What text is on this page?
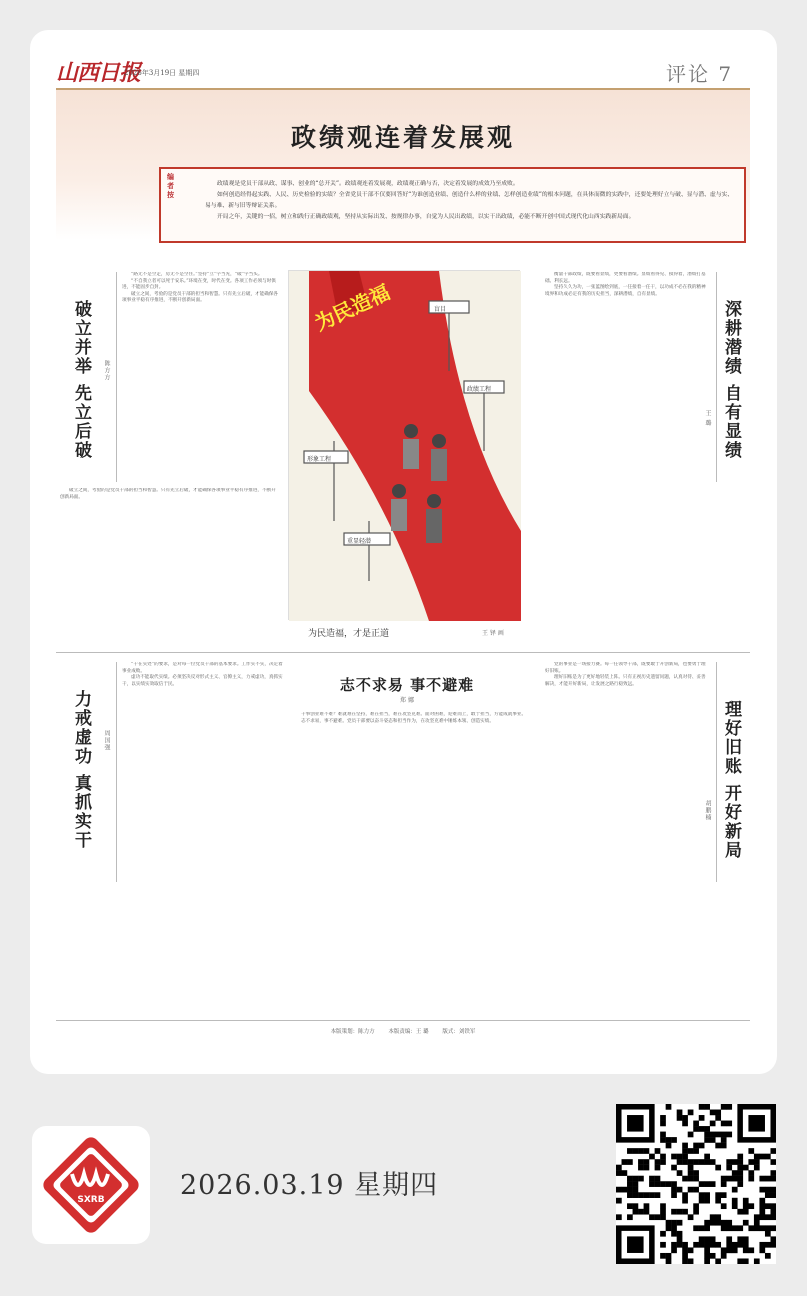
山西日报
2026年3月19日 星期四	评论 7
政绩观连着发展观
编者按

政绩观是党员干部从政、谋事、创业的“总开关”。政绩观连着发展观，政绩观正确与否，决定着发展的成效乃至成败。

如何创造经得起实践、人民、历史检验的实绩？全省党员干部不仅要回答好“为谁创造业绩、创造什么样的业绩、怎样创造业绩”的根本问题，在具体而微的实践中，还要处理好立与破、显与潜、虚与实、易与难、新与旧等辩证关系。

开局之年，关键的一招，树立和践行正确政绩观，坚持从实际出发、按规律办事，自觉为人民出政绩，以实干出政绩，必能不断开创中国式现代化山西实践新局面。

破立并举 先立后破 陈方方

“路无不是空走，房无不是空住。”坚持“立”字当先，“破”字当头。

“不自我立者可以死于安乐。”环境在变，时代在变。各项工作必须与时俱进，不能固步自封。

破立之间，考验的是党员干部的担当和智慧。只有先立后破，才能确保各项事业平稳有序推进，不断开创新局面。

破立之间，考验的是党员干部的担当和智慧。只有先立后破，才能确保各项事业平稳有序推进，不断开创新局面。

为民造福	盲目
政绩工程
形象工程
重显轻潜
为民造福，才是正道	王 铎 画

衡量干部政绩，既要看显绩，更要看潜绩。显绩看得见、摸得着，潜绩打基础、利长远。

坚持久久为功，一张蓝图绘到底，一任接着一任干，以功成不必在我的精神境界和功成必定有我的历史担当，深耕潜绩，自有显绩。

深耕潜绩 自有显绩
王 璐
力戒虚功 真抓实干 周国强

“干在实处”的要求，是对每一位党员干部的基本要求。工作实不实，决定着事业成败。

虚功不能取代实绩。必须坚决反对形式主义、官僚主义，力戒虚功，真抓实干，以实绩实效取信于民。	志不求易 事不避难
郑 娜

干事创业难不难？难就难在坚持，难在担当，难在攻坚克难。面对困难，迎难而上，敢于担当，方能成就事业。

志不求易，事不避难。党员干部要以奋斗姿态和担当作为，在攻坚克难中锤炼本领、创造实绩。

党的事业是一场接力赛。每一任领导干部，既要敢于开创新局，也要勇于理好旧账。

理好旧账是为了更好地轻装上阵。只有正视历史遗留问题，认真对待、妥善解决，才能开好新局，让发展之路行稳致远。

理好旧账 开好新局
胡鹏楠
本版策划：陈力方	本版责编：王 璐	版式：刘铁军
SXRB	2026.03.19 星期四
